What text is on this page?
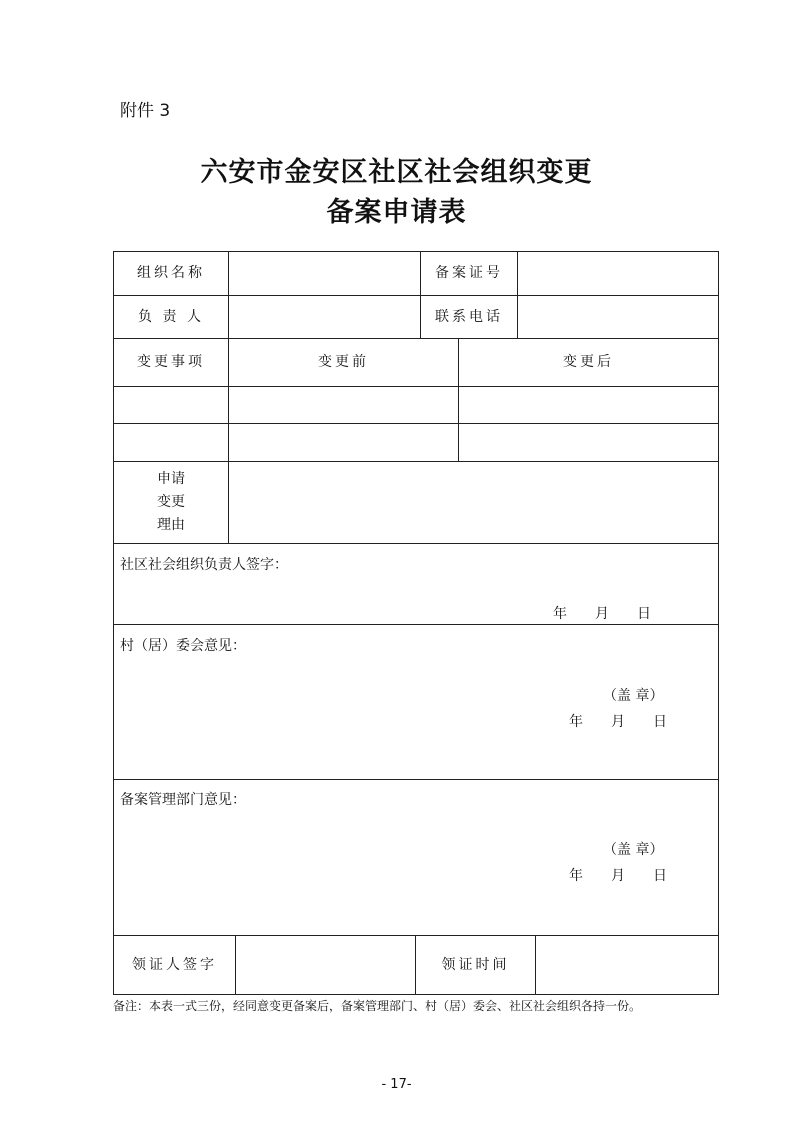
附件 3
六安市金安区社区社会组织变更
备案申请表
组织名称	备案证号
负 责 人	联系电话
变更事项	变更前	变更后
申请
变更
理由
社区社会组织负责人签字：
年　　月　　日
村（居）委会意见：
（盖 章）
年　　月　　日
备案管理部门意见：
（盖 章）
年　　月　　日
领证人签字	领证时间
备注：本表一式三份，经同意变更备案后，备案管理部门、村（居）委会、社区社会组织各持一份。
- 17-
